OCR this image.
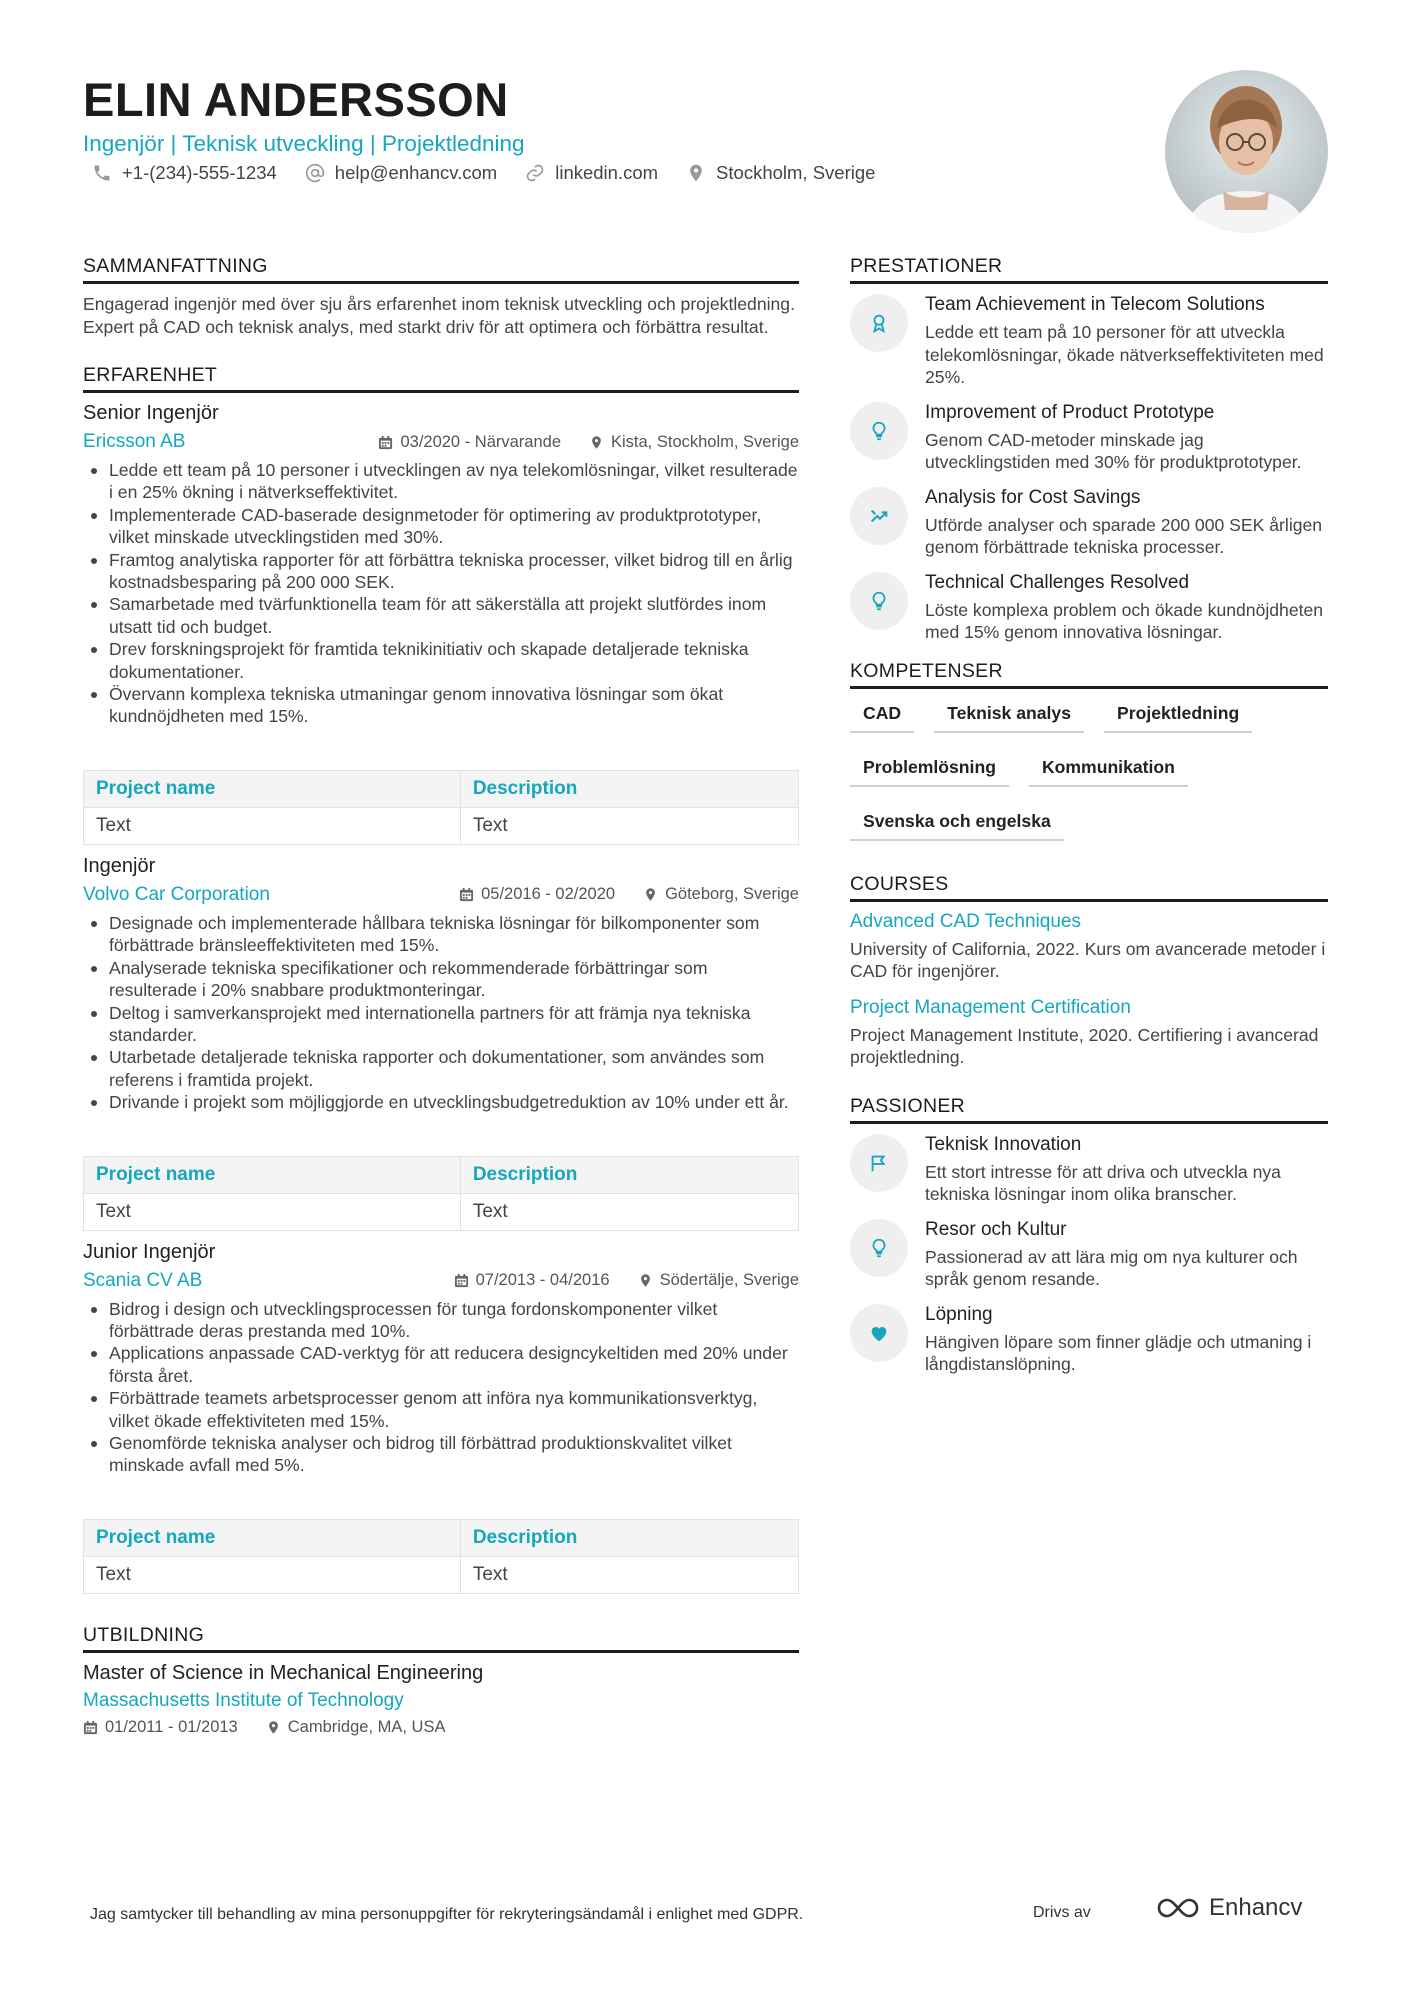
ELIN ANDERSSON
Ingenjör | Teknisk utveckling | Projektledning
+1-(234)-555-1234	help@enhancv.com	linkedin.com	Stockholm, Sverige
SAMMANFATTNING
Engagerad ingenjör med över sju års erfarenhet inom teknisk utveckling och projektledning. Expert på CAD och teknisk analys, med starkt driv för att optimera och förbättra resultat.
ERFARENHET
Senior Ingenjör
Ericsson AB	03/2020 - Närvarande	Kista, Stockholm, Sverige
Ledde ett team på 10 personer i utvecklingen av nya telekomlösningar, vilket resulterade i en 25% ökning i nätverkseffektivitet.
Implementerade CAD-baserade designmetoder för optimering av produktprototyper, vilket minskade utvecklingstiden med 30%.
Framtog analytiska rapporter för att förbättra tekniska processer, vilket bidrog till en årlig kostnadsbesparing på 200 000 SEK.
Samarbetade med tvärfunktionella team för att säkerställa att projekt slutfördes inom utsatt tid och budget.
Drev forskningsprojekt för framtida teknikinitiativ och skapade detaljerade tekniska dokumentationer.
Övervann komplexa tekniska utmaningar genom innovativa lösningar som ökat kundnöjdheten med 15%.
Project name	Description
Text	Text
Ingenjör
Volvo Car Corporation	05/2016 - 02/2020	Göteborg, Sverige
Designade och implementerade hållbara tekniska lösningar för bilkomponenter som förbättrade bränsleeffektiviteten med 15%.
Analyserade tekniska specifikationer och rekommenderade förbättringar som resulterade i 20% snabbare produktmonteringar.
Deltog i samverkansprojekt med internationella partners för att främja nya tekniska standarder.
Utarbetade detaljerade tekniska rapporter och dokumentationer, som användes som referens i framtida projekt.
Drivande i projekt som möjliggjorde en utvecklingsbudgetreduktion av 10% under ett år.
Project name	Description
Text	Text
Junior Ingenjör
Scania CV AB	07/2013 - 04/2016	Södertälje, Sverige
Bidrog i design och utvecklingsprocessen för tunga fordonskomponenter vilket förbättrade deras prestanda med 10%.
Applications anpassade CAD-verktyg för att reducera designcykeltiden med 20% under första året.
Förbättrade teamets arbetsprocesser genom att införa nya kommunikationsverktyg, vilket ökade effektiviteten med 15%.
Genomförde tekniska analyser och bidrog till förbättrad produktionskvalitet vilket minskade avfall med 5%.
Project name	Description
Text	Text
UTBILDNING
Master of Science in Mechanical Engineering
Massachusetts Institute of Technology
01/2011 - 01/2013	Cambridge, MA, USA
PRESTATIONER
Team Achievement in Telecom Solutions
Ledde ett team på 10 personer för att utveckla telekomlösningar, ökade nätverkseffektiviteten med 25%.
Improvement of Product Prototype
Genom CAD-metoder minskade jag utvecklingstiden med 30% för produktprototyper.
Analysis for Cost Savings
Utförde analyser och sparade 200 000 SEK årligen genom förbättrade tekniska processer.
Technical Challenges Resolved
Löste komplexa problem och ökade kundnöjdheten med 15% genom innovativa lösningar.
KOMPETENSER
CAD	Teknisk analys	Projektledning
Problemlösning	Kommunikation
Svenska och engelska
COURSES
Advanced CAD Techniques
University of California, 2022. Kurs om avancerade metoder i CAD för ingenjörer.
Project Management Certification
Project Management Institute, 2020. Certifiering i avancerad projektledning.
PASSIONER
Teknisk Innovation
Ett stort intresse för att driva och utveckla nya tekniska lösningar inom olika branscher.
Resor och Kultur
Passionerad av att lära mig om nya kulturer och språk genom resande.
Löpning
Hängiven löpare som finner glädje och utmaning i långdistanslöpning.
Jag samtycker till behandling av mina personuppgifter för rekryteringsändamål i enlighet med GDPR.	Drivs av	Enhancv
